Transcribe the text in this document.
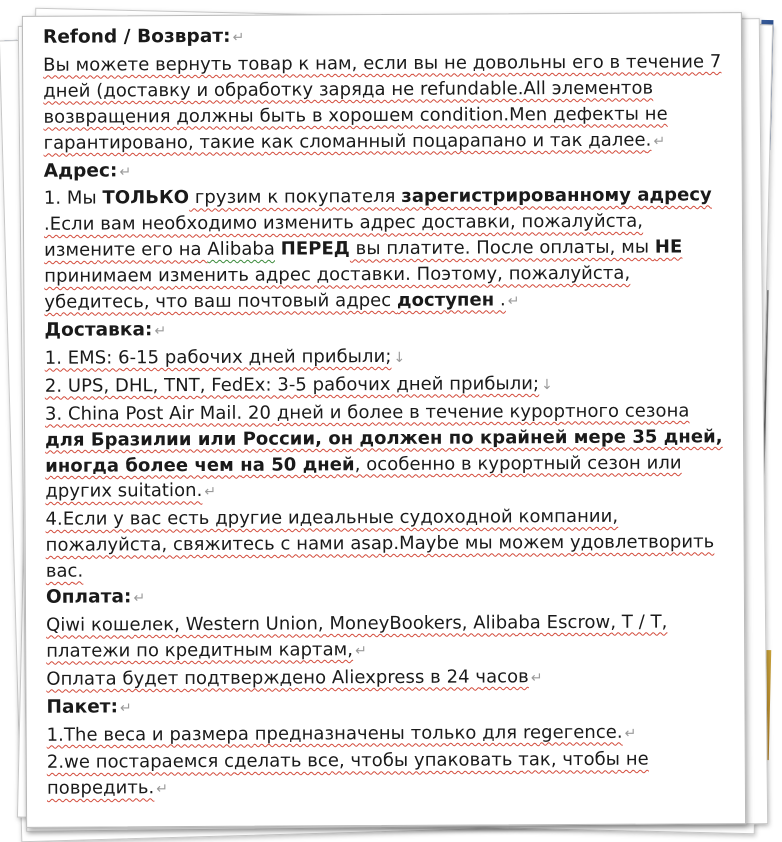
Refond / Возврат: ↵

Вы можете вернуть товар к нам, если вы не довольны его в течение 7 дней (доставку и обработку заряда не refundable.All элементов возвращения должны быть в хорошем condition.Men дефекты не гарантировано, такие как сломанный поцарапано и так далее. ↵

Адрес: ↵

1. Мы ТОЛЬКО грузим к покупателя зарегистрированному адресу .Если вам необходимо изменить адрес доставки, пожалуйста, измените его на Alibaba ПЕРЕД вы платите. После оплаты, мы НЕ принимаем изменить адрес доставки. Поэтому, пожалуйста, убедитесь, что ваш почтовый адрес доступен . ↵

Доставка: ↵

1. EMS: 6-15 рабочих дней прибыли; ↓

2. UPS, DHL, TNT, FedEx: 3-5 рабочих дней прибыли; ↓

3. China Post Air Mail. 20 дней и более в течение курортного сезона для Бразилии или России, он должен по крайней мере 35 дней, иногда более чем на 50 дней, особенно в курортный сезон или других suitation. ↵

4.Если у вас есть другие идеальные судоходной компании, пожалуйста, свяжитесь с нами asap.Maybe мы можем удовлетворить вас.

Оплата: ↵

Qiwi кошелек, Western Union, MoneyBookers, Alibaba Escrow, T / T, платежи по кредитным картам, ↵

Оплата будет подтверждено Aliexpress в 24 часов ↵

Пакет: ↵

1.The веса и размера предназначены только для regeгence. ↵

2.we постараемся сделать все, чтобы упаковать так, чтобы не повредить. ↵
